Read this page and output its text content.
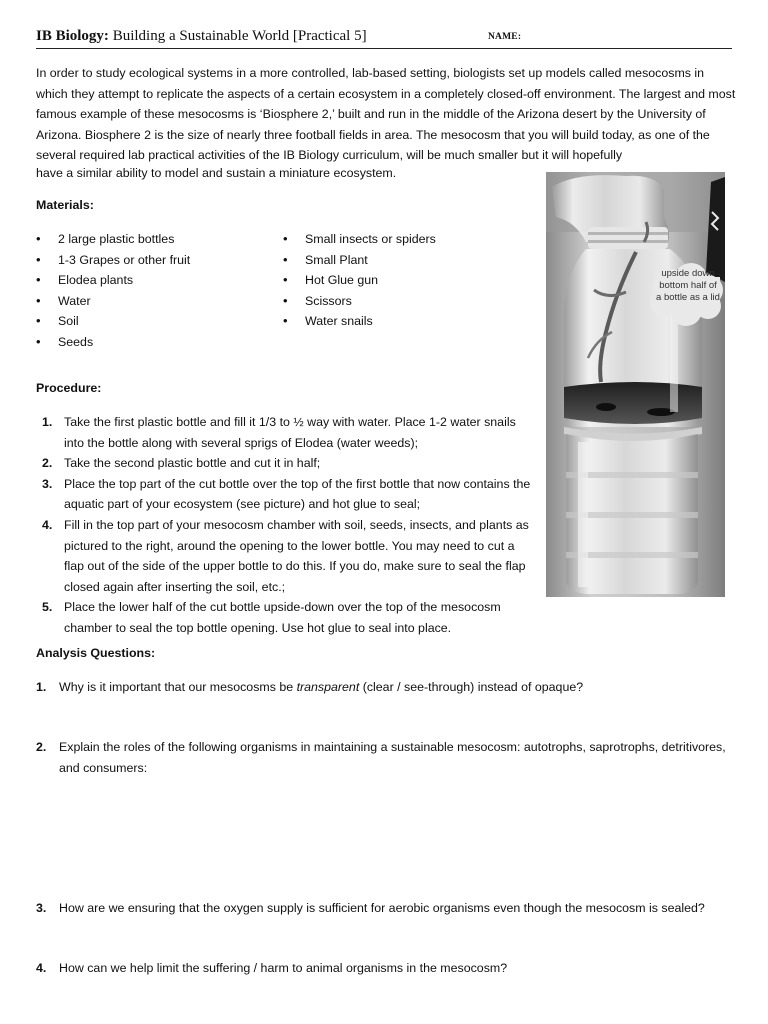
IB Biology: Building a Sustainable World [Practical 5]	NAME:

In order to study ecological systems in a more controlled, lab-based setting, biologists set up models called mesocosms in which they attempt to replicate the aspects of a certain ecosystem in a completely closed-off environment. The largest and most famous example of these mesocosms is ‘Biosphere 2,’ built and run in the middle of the Arizona desert by the University of Arizona. Biosphere 2 is the size of nearly three football fields in area. The mesocosm that you will build today, as one of the several required lab practical activities of the IB Biology curriculum, will be much smaller but it will hopefully

have a similar ability to model and sustain a miniature ecosystem.

Materials:

• 2 large plastic bottles
• 1-3 Grapes or other fruit
• Elodea plants
• Water
• Soil
• Seeds
• Small insects or spiders
• Small Plant
• Hot Glue gun
• Scissors
• Water snails

Procedure:

1. Take the first plastic bottle and fill it 1/3 to ½ way with water. Place 1-2 water snails into the bottle along with several sprigs of Elodea (water weeds);
2. Take the second plastic bottle and cut it in half;
3. Place the top part of the cut bottle over the top of the first bottle that now contains the aquatic part of your ecosystem (see picture) and hot glue to seal;
4. Fill in the top part of your mesocosm chamber with soil, seeds, insects, and plants as pictured to the right, around the opening to the lower bottle. You may need to cut a flap out of the side of the upper bottle to do this. If you do, make sure to seal the flap closed again after inserting the soil, etc.;
5. Place the lower half of the cut bottle upside-down over the top of the mesocosm chamber to seal the top bottle opening. Use hot glue to seal into place.

Analysis Questions:

1.	Why is it important that our mesocosms be transparent (clear / see-through) instead of opaque?

2.	Explain the roles of the following organisms in maintaining a sustainable mesocosm: autotrophs, saprotrophs, detritivores, and consumers:

3.	How are we ensuring that the oxygen supply is sufficient for aerobic organisms even though the mesocosm is sealed?

4.	How can we help limit the suffering / harm to animal organisms in the mesocosm?

upside down
bottom half of
a bottle as a lid
